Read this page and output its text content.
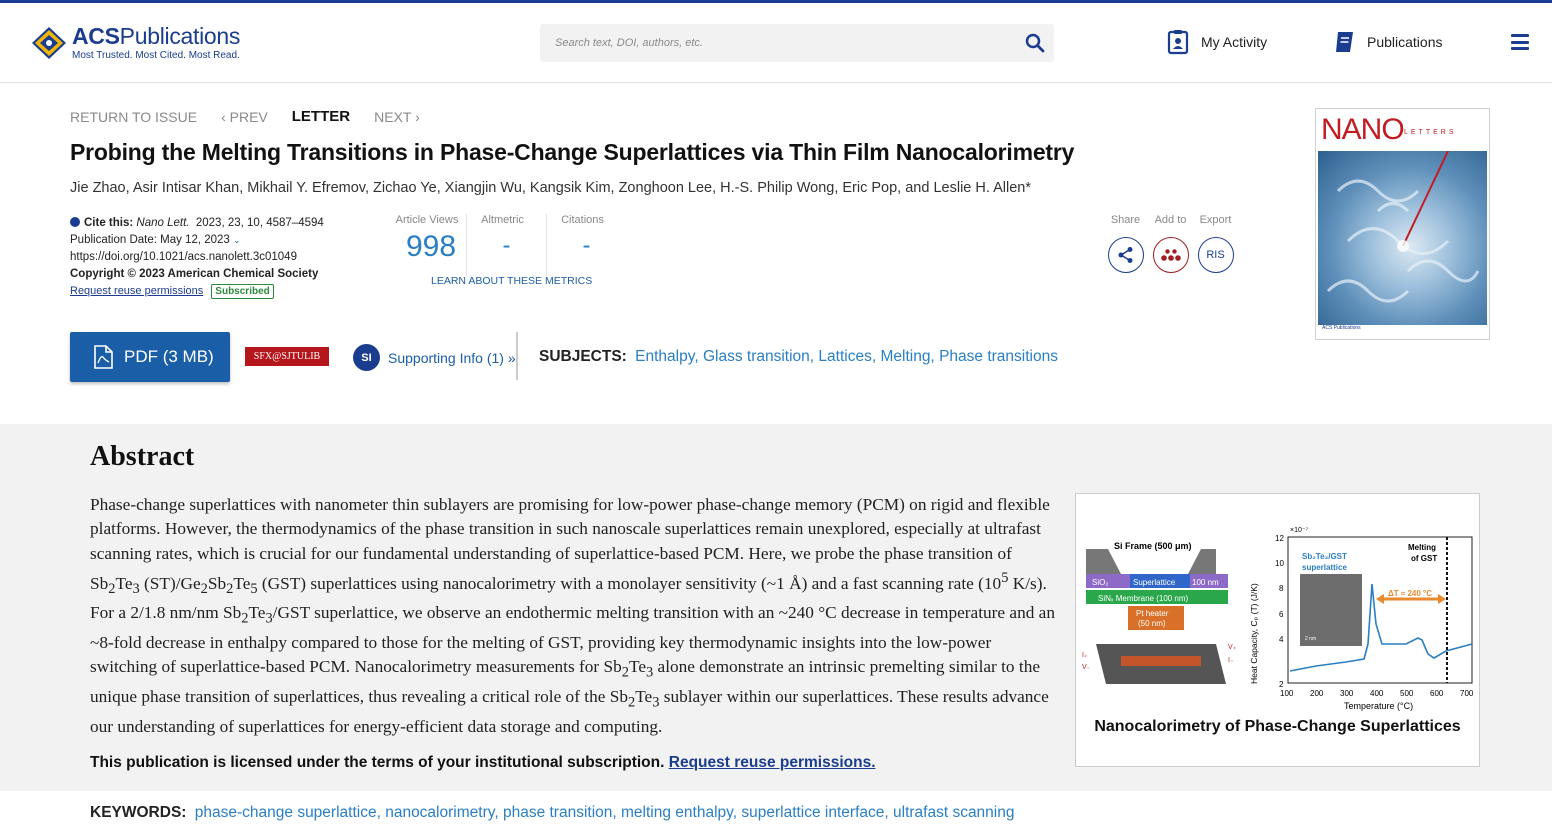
ACSPublications
Most Trusted. Most Cited. Most Read.
Search text, DOI, authors, etc.
My Activity	Publications
RETURN TO ISSUE ‹ PREV LETTER NEXT ›
Probing the Melting Transitions in Phase-Change Superlattices via Thin Film Nanocalorimetry
Jie Zhao, Asir Intisar Khan, Mikhail Y. Efremov, Zichao Ye, Xiangjin Wu, Kangsik Kim, Zonghoon Lee, H.-S. Philip Wong, Eric Pop, and Leslie H. Allen*
Cite this: Nano Lett. 2023, 23, 10, 4587–4594
Publication Date: May 12, 2023 ⌄
https://doi.org/10.1021/acs.nanolett.3c01049
Copyright © 2023 American Chemical Society
Request reuse permissions Subscribed
Article Views
998
Altmetric
-
Citations
-
LEARN ABOUT THESE METRICS
Share	Add to	Export
RIS
NANO LETTERS
ACS Publications
PDF (3 MB)	SFX@SJTULIB	SI	Supporting Info (1) » SUBJECTS: Enthalpy, Glass transition, Lattices, Melting, Phase transitions
Abstract
Phase-change superlattices with nanometer thin sublayers are promising for low-power phase-change memory (PCM) on rigid and flexible platforms. However, the thermodynamics of the phase transition in such nanoscale superlattices remain unexplored, especially at ultrafast scanning rates, which is crucial for our fundamental understanding of superlattice-based PCM. Here, we probe the phase transition of $Sb_2Te_3$ $(ST)/Ge_2Sb_2Te_5$ (GST) superlattices using nanocalorimetry with a monolayer sensitivity (~1 Å) and a fast scanning rate ($10^5$ K/s). For a 2/1.8 nm/nm $Sb_2Te_3$/GST superlattice, we observe an endothermic melting transition with an ~240 °C decrease in temperature and an ~8-fold decrease in enthalpy compared to those for the melting of GST, providing key thermodynamic insights into the low-power switching of superlattice-based PCM. Nanocalorimetry measurements for $Sb_2Te_3$ alone demonstrate an intrinsic premelting similar to the unique phase transition of superlattices, thus revealing a critical role of the $Sb_2Te_3$ sublayer within our superlattices. These results advance our understanding of superlattices for energy-efficient data storage and computing.
Si Frame (500 μm)
SiO₂	Superlattice 100 nm
SiNₓ Membrane (100 nm)
Pt heater
(50 nm)
I₊
V₋
V₊
I₋
×10⁻⁷
Heat Capacity, Cₚ (T) (J/K)
Temperature (°C)
12
10
8
6
4
2
100 200 300 400 500 600 700
Sb₂Te₃/GST
superlattice
2 nm
Melting
of GST
ΔT ≈ 240 °C
Nanocalorimetry of Phase-Change Superlattices
This publication is licensed under the terms of your institutional subscription. Request reuse permissions.
KEYWORDS: phase-change superlattice, nanocalorimetry, phase transition, melting enthalpy, superlattice interface, ultrafast scanning
